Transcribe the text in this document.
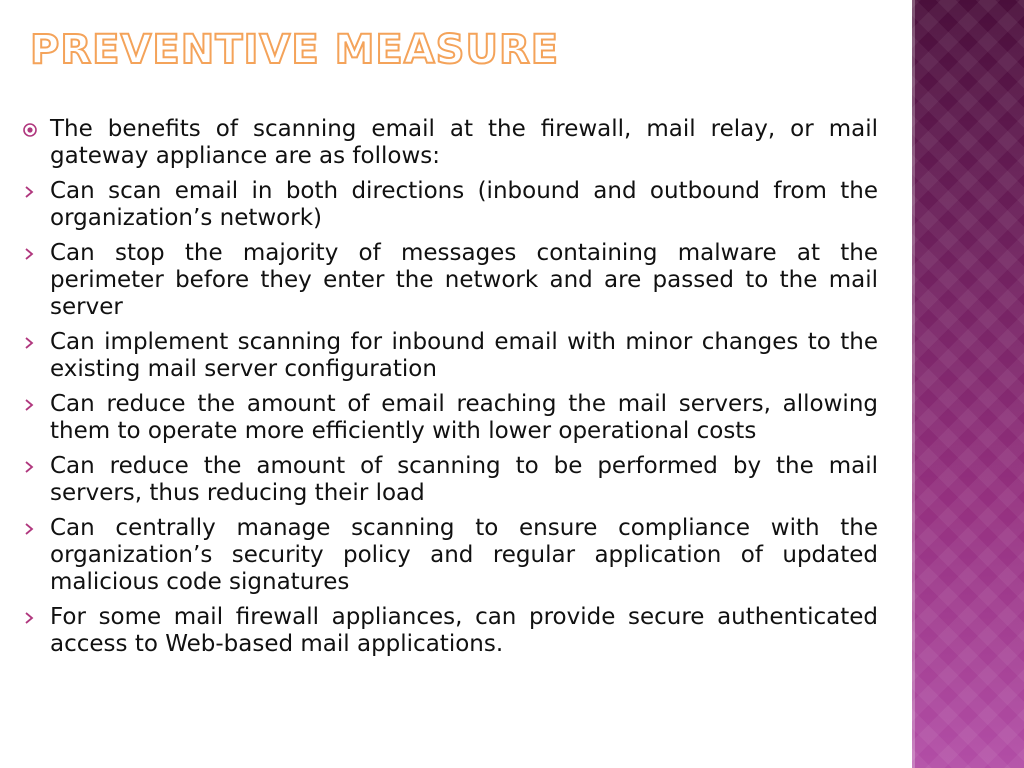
PREVENTIVE MEASURE
The benefits of scanning email at the firewall, mail relay, or mail gateway appliance are as follows:
Can scan email in both directions (inbound and outbound from the organization’s network)
Can stop the majority of messages containing malware at the perimeter before they enter the network and are passed to the mail server
Can implement scanning for inbound email with minor changes to the existing mail server configuration
Can reduce the amount of email reaching the mail servers, allowing them to operate more efficiently with lower operational costs
Can reduce the amount of scanning to be performed by the mail servers, thus reducing their load
Can centrally manage scanning to ensure compliance with the organization’s security policy and regular application of updated malicious code signatures
For some mail firewall appliances, can provide secure authenticated access to Web-based mail applications.
